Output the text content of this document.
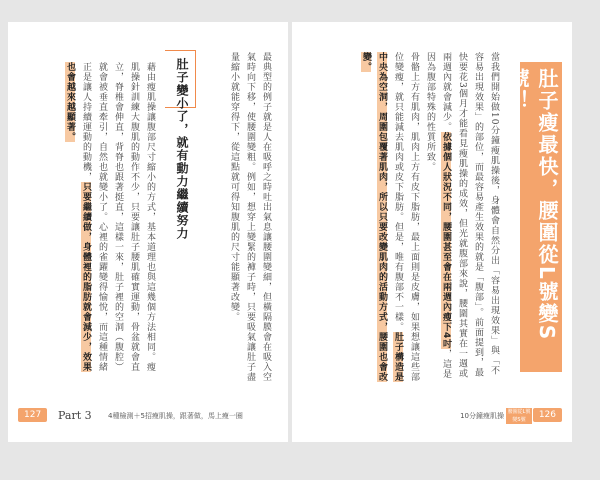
最典型的例子就是人在吸呼之時吐出氣息讓腰圍變細，但橫隔膜會在吸入空氣時向下移，使腰圍變粗。例如，想穿上變緊的褲子時，只要吸氣讓肚子盡量縮小就能穿得下，從這點就可得知腹肌的尺寸能顯著改變。
肚子變小了，就有動力繼續努力
藉由瘦肌操讓腹部尺寸縮小的方式，基本道理也與這幾個方法相同。瘦肌操針訓練大腹肌的動作不少，只要讓肚子腰肌確實運動，骨盆就會直立，脊椎會伸直，背脊也跟著挺直，這樣一來，肚子裡的空洞（腹腔）就會被垂直牽引，自然也就變小了。心裡的雀躍變得愉悅，而這種情緒正是讓人持續運動的動機，只要繼續做，身體裡的脂肪就會減少，效果也會越來越顯著。
127	Part 3 4種檢測＋5招瘦肌操，跟著做，馬上瘦一圈
肚子瘦最快，腰圍從L號變S號！
當我們開始做10分鐘瘦肌操後，身體會自然分出「容易出現效果」與「不容易出現效果」的部位，而最容易產生效果的就是「腹部」。前面提到，最快要花3個月才能看見瘦肌操的成效，但光就腹部來說，腰圍其實在一週或兩週內就會減少。依據個人狀況不同，腰圍甚至會在兩週內瘦下4吋，這是因為腹部特殊的性質所致。
骨骼上方有肌肉，肌肉上方有皮下脂肪，最上面則是皮膚，如果想讓這些部位變瘦，就只能減去肌肉或皮下脂肪。但是，唯有腹部不一樣。肚子構造是中央為空洞，周圍包覆著肌肉，所以只要改變肌肉的活動方式，腰圍也會改變。
10分鐘瘦肌操 腰圍從L號變S號	126
